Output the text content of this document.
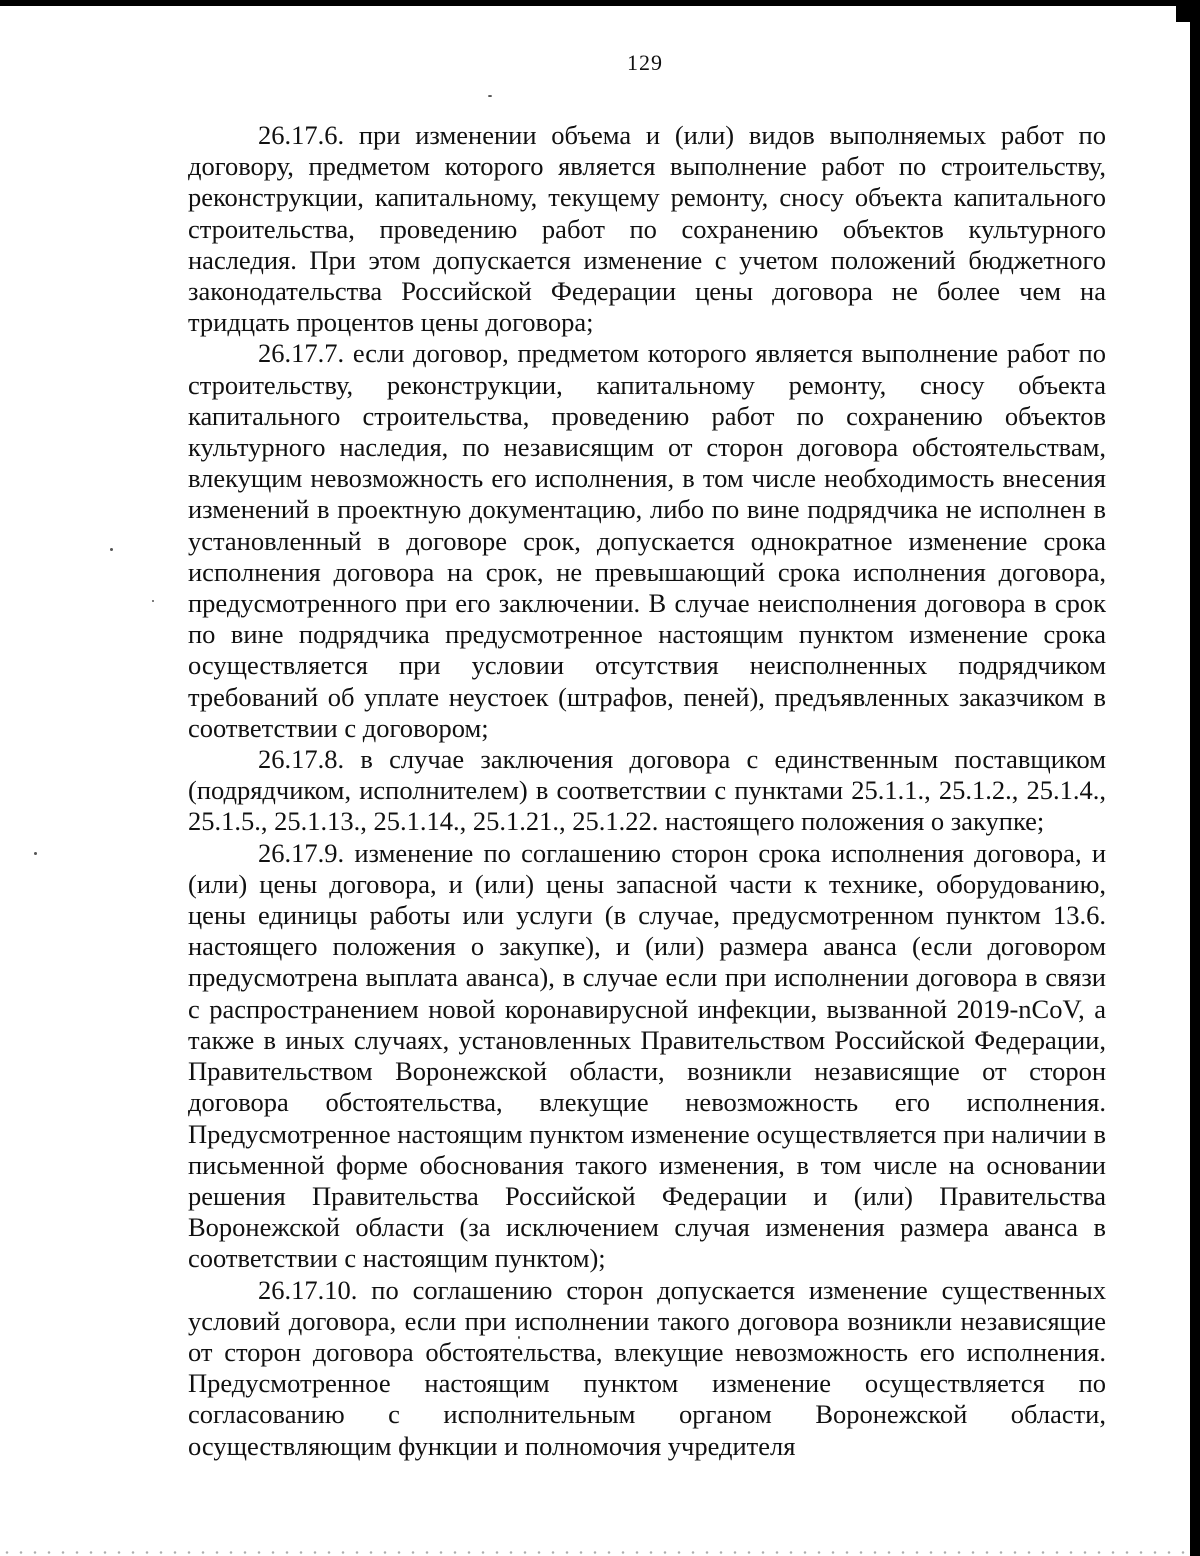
129

26.17.6. при изменении объема и (или) видов выполняемых работ по договору, предметом которого является выполнение работ по строительству, реконструкции, капитальному, текущему ремонту, сносу объекта капитального строительства, проведению работ по сохранению объектов культурного наследия. При этом допускается изменение с учетом положений бюджетного законодательства Российской Федерации цены договора не более чем на тридцать процентов цены договора;

26.17.7. если договор, предметом которого является выполнение работ по строительству, реконструкции, капитальному ремонту, сносу объекта капитального строительства, проведению работ по сохранению объектов культурного наследия, по независящим от сторон договора обстоятельствам, влекущим невозможность его исполнения, в том числе необходимость внесения изменений в проектную документацию, либо по вине подрядчика не исполнен в установленный в договоре срок, допускается однократное изменение срока исполнения договора на срок, не превышающий срока исполнения договора, предусмотренного при его заключении. В случае неисполнения договора в срок по вине подрядчика предусмотренное настоящим пунктом изменение срока осуществляется при условии отсутствия неисполненных подрядчиком требований об уплате неустоек (штрафов, пеней), предъявленных заказчиком в соответствии с договором;

26.17.8. в случае заключения договора с единственным поставщиком (подрядчиком, исполнителем) в соответствии с пунктами 25.1.1., 25.1.2., 25.1.4., 25.1.5., 25.1.13., 25.1.14., 25.1.21., 25.1.22. настоящего положения о закупке;

26.17.9. изменение по соглашению сторон срока исполнения договора, и (или) цены договора, и (или) цены запасной части к технике, оборудованию, цены единицы работы или услуги (в случае, предусмотренном пунктом 13.6. настоящего положения о закупке), и (или) размера аванса (если договором предусмотрена выплата аванса), в случае если при исполнении договора в связи с распространением новой коронавирусной инфекции, вызванной 2019-nCoV, а также в иных случаях, установленных Правительством Российской Федерации, Правительством Воронежской области, возникли независящие от сторон договора обстоятельства, влекущие невозможность его исполнения. Предусмотренное настоящим пунктом изменение осуществляется при наличии в письменной форме обоснования такого изменения, в том числе на основании решения Правительства Российской Федерации и (или) Правительства Воронежской области (за исключением случая изменения размера аванса в соответствии с настоящим пунктом);

26.17.10. по соглашению сторон допускается изменение существенных условий договора, если при исполнении такого договора возникли независящие от сторон договора обстоятельства, влекущие невозможность его исполнения. Предусмотренное настоящим пунктом изменение осуществляется по согласованию с исполнительным органом Воронежской области, осуществляющим функции и полномочия учредителя
